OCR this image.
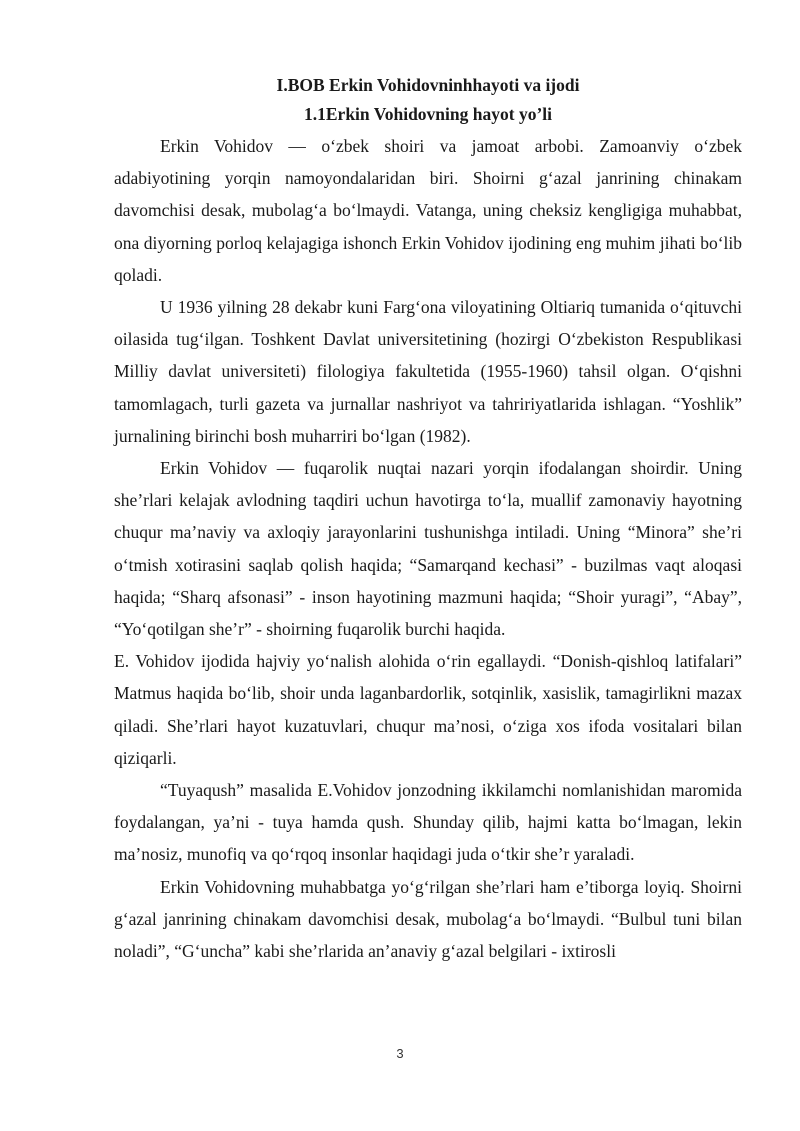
I.BOB Erkin Vohidovninhhayoti va ijodi
1.1Erkin Vohidovning hayot yo’li

Erkin Vohidov — o‘zbek shoiri va jamoat arbobi. Zamoanviy o‘zbek adabiyotining yorqin namoyondalaridan biri. Shoirni g‘azal janrining chinakam davomchisi desak, mubolag‘a bo‘lmaydi. Vatanga, uning cheksiz kengligiga muhabbat, ona diyorning porloq kelajagiga ishonch Erkin Vohidov ijodining eng muhim jihati bo‘lib qoladi.

U 1936 yilning 28 dekabr kuni Farg‘ona viloyatining Oltiariq tumanida o‘qituvchi oilasida tug‘ilgan. Toshkent Davlat universitetining (hozirgi O‘zbekiston Respublikasi Milliy davlat universiteti) filologiya fakultetida (1955-1960) tahsil olgan. O‘qishni tamomlagach, turli gazeta va jurnallar nashriyot va tahririyatlarida ishlagan. “Yoshlik” jurnalining birinchi bosh muharriri bo‘lgan (1982).

Erkin Vohidov — fuqarolik nuqtai nazari yorqin ifodalangan shoirdir. Uning she’rlari kelajak avlodning taqdiri uchun havotirga to‘la, muallif zamonaviy hayotning chuqur ma’naviy va axloqiy jarayonlarini tushunishga intiladi. Uning “Minora” she’ri o‘tmish xotirasini saqlab qolish haqida; “Samarqand kechasi” - buzilmas vaqt aloqasi haqida; “Sharq afsonasi” - inson hayotining mazmuni haqida; “Shoir yuragi”, “Abay”, “Yo‘qotilgan she’r” - shoirning fuqarolik burchi haqida.

E. Vohidov ijodida hajviy yo‘nalish alohida o‘rin egallaydi. “Donish-qishloq latifalari” Matmus haqida bo‘lib, shoir unda laganbardorlik, sotqinlik, xasislik, tamagirlikni mazax qiladi. She’rlari hayot kuzatuvlari, chuqur ma’nosi, o‘ziga xos ifoda vositalari bilan qiziqarli.

“Tuyaqush” masalida E.Vohidov jonzodning ikkilamchi nomlanishidan maromida foydalangan, ya’ni - tuya hamda qush. Shunday qilib, hajmi katta bo‘lmagan, lekin ma’nosiz, munofiq va qo‘rqoq insonlar haqidagi juda o‘tkir she’r yaraladi.

Erkin Vohidovning muhabbatga yo‘g‘rilgan she’rlari ham e’tiborga loyiq. Shoirni g‘azal janrining chinakam davomchisi desak, mubolag‘a bo‘lmaydi. “Bulbul tuni bilan noladi”, “G‘uncha” kabi she’rlarida an’anaviy g‘azal belgilari - ixtirosli

3
